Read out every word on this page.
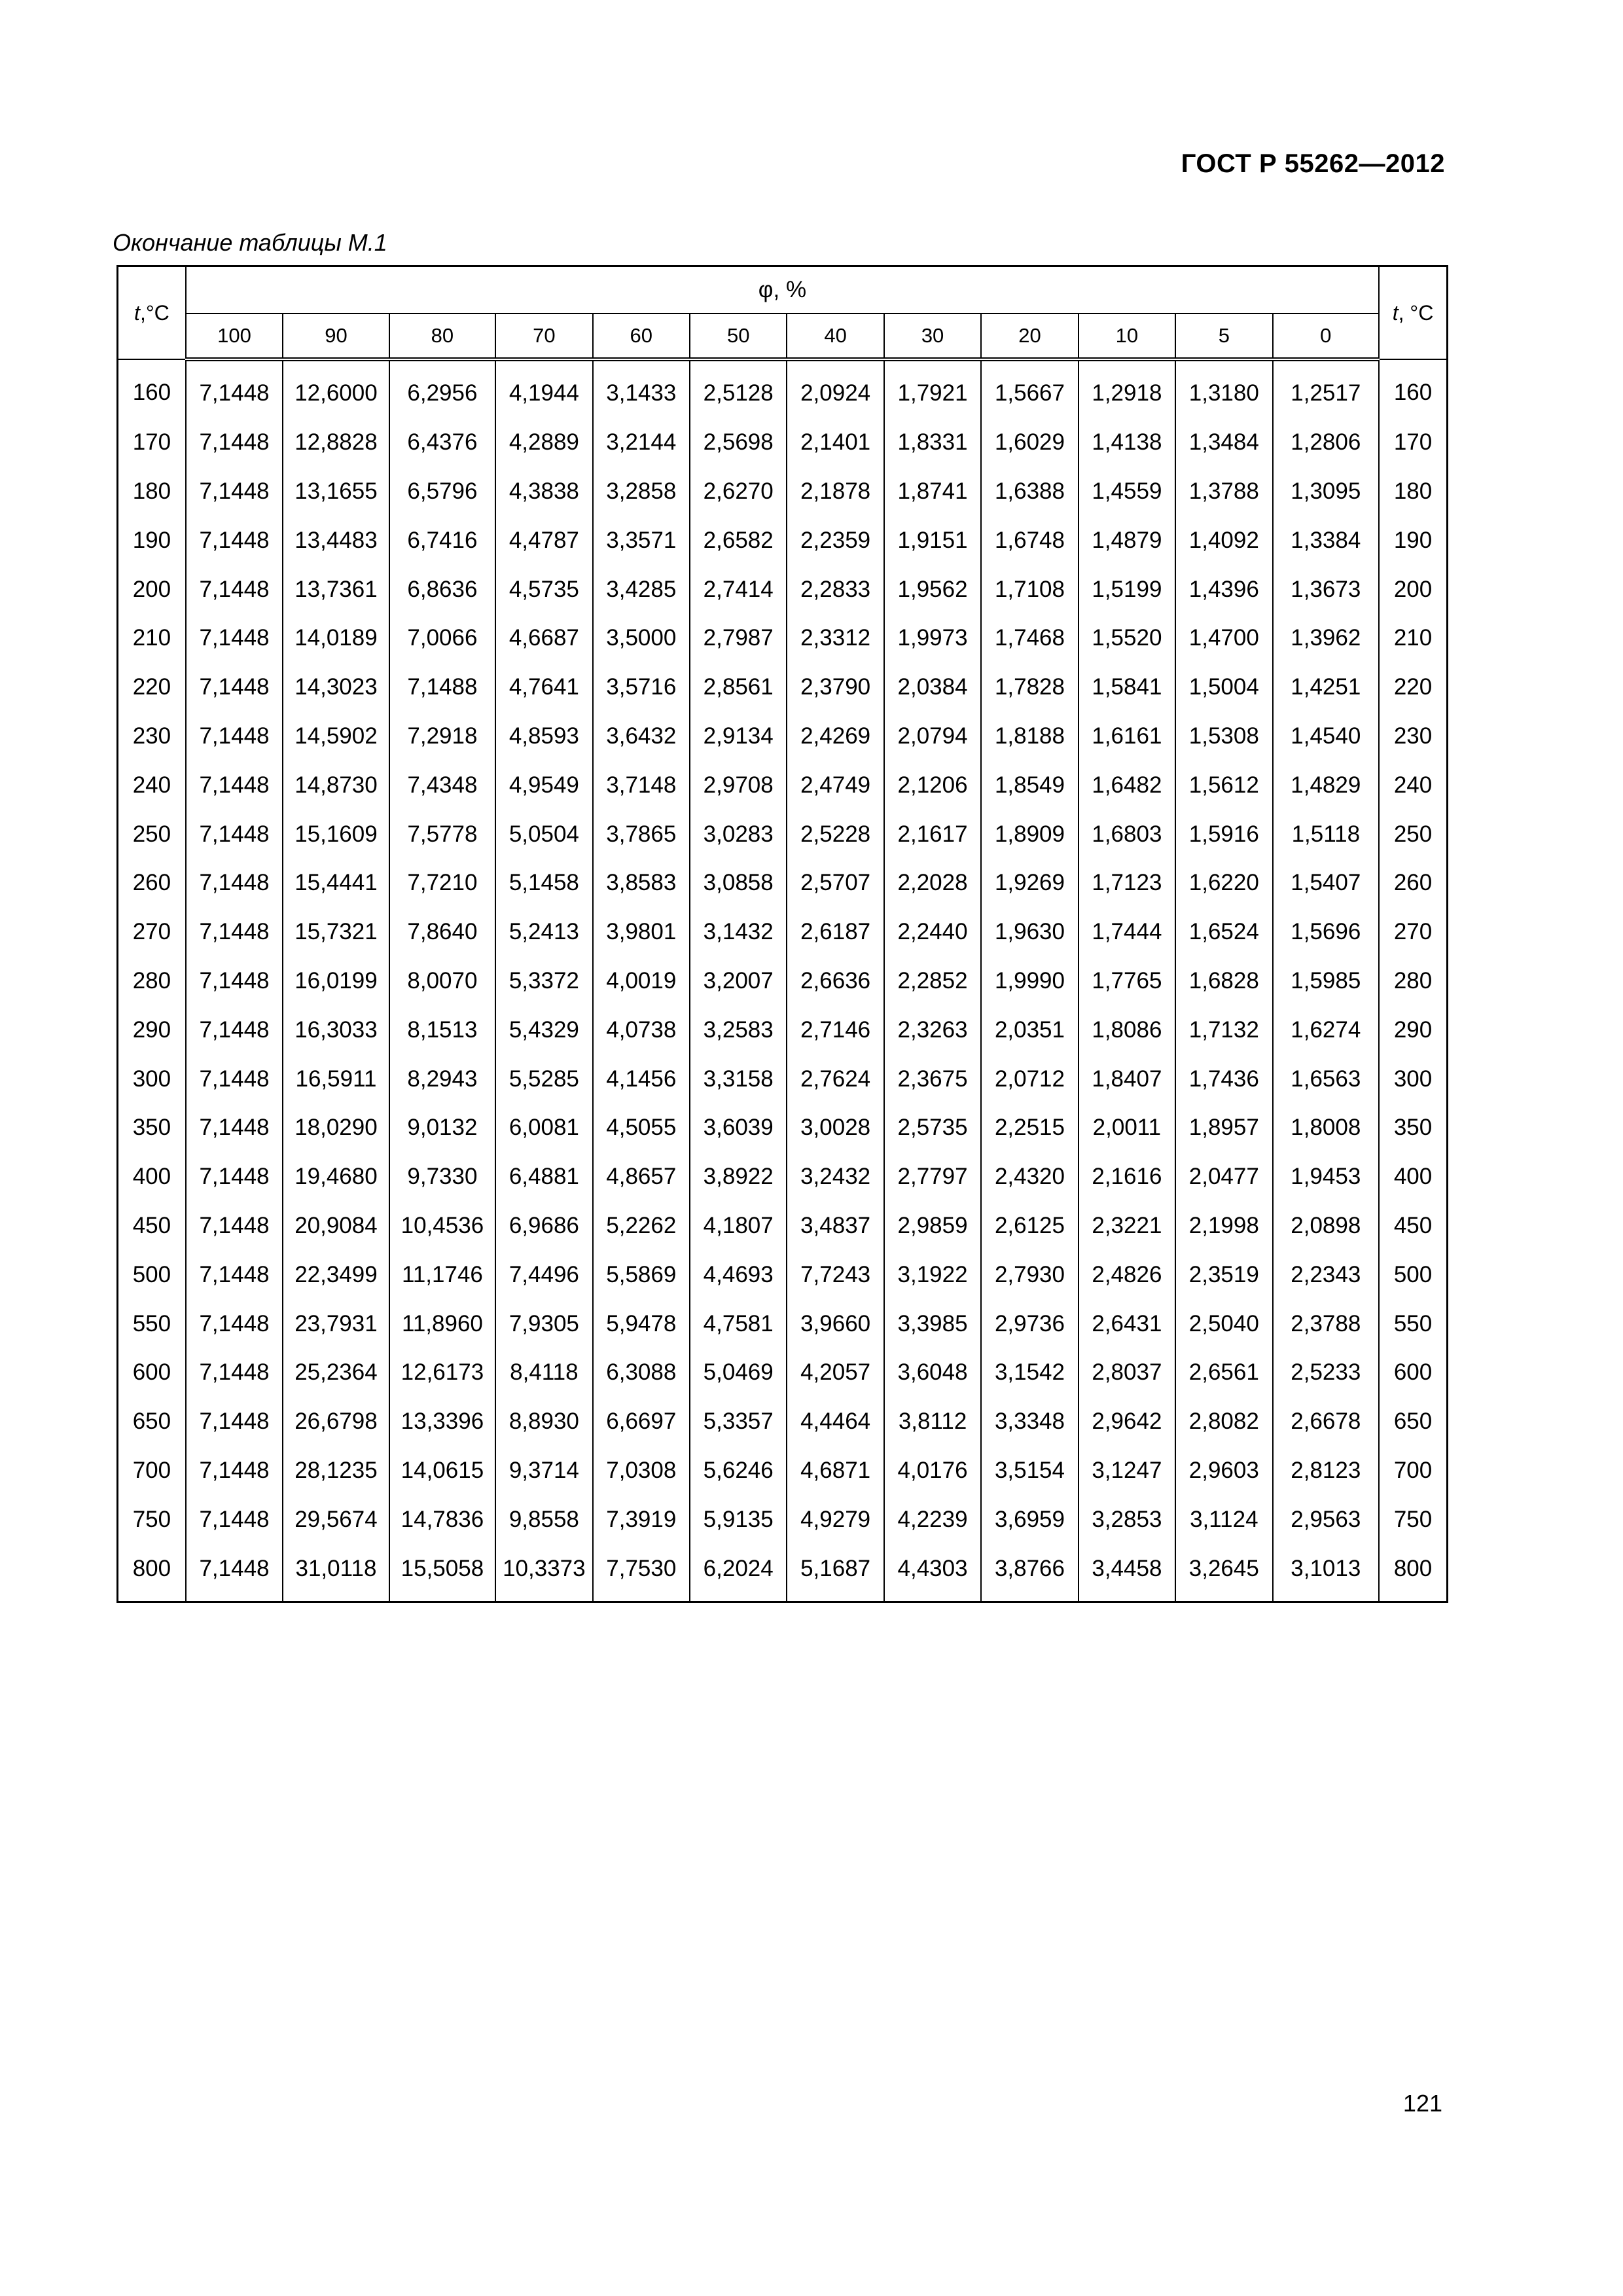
ГОСТ Р 55262—2012
Окончание таблицы М.1
t,°C	φ, %												t, °C
	100	90	80	70	60	50	40	30	20	10	5	0	
160	7,1448	12,6000	6,2956	4,1944	3,1433	2,5128	2,0924	1,7921	1,5667	1,2918	1,3180	1,2517	160
170	7,1448	12,8828	6,4376	4,2889	3,2144	2,5698	2,1401	1,8331	1,6029	1,4138	1,3484	1,2806	170
180	7,1448	13,1655	6,5796	4,3838	3,2858	2,6270	2,1878	1,8741	1,6388	1,4559	1,3788	1,3095	180
190	7,1448	13,4483	6,7416	4,4787	3,3571	2,6582	2,2359	1,9151	1,6748	1,4879	1,4092	1,3384	190
200	7,1448	13,7361	6,8636	4,5735	3,4285	2,7414	2,2833	1,9562	1,7108	1,5199	1,4396	1,3673	200
210	7,1448	14,0189	7,0066	4,6687	3,5000	2,7987	2,3312	1,9973	1,7468	1,5520	1,4700	1,3962	210
220	7,1448	14,3023	7,1488	4,7641	3,5716	2,8561	2,3790	2,0384	1,7828	1,5841	1,5004	1,4251	220
230	7,1448	14,5902	7,2918	4,8593	3,6432	2,9134	2,4269	2,0794	1,8188	1,6161	1,5308	1,4540	230
240	7,1448	14,8730	7,4348	4,9549	3,7148	2,9708	2,4749	2,1206	1,8549	1,6482	1,5612	1,4829	240
250	7,1448	15,1609	7,5778	5,0504	3,7865	3,0283	2,5228	2,1617	1,8909	1,6803	1,5916	1,5118	250
260	7,1448	15,4441	7,7210	5,1458	3,8583	3,0858	2,5707	2,2028	1,9269	1,7123	1,6220	1,5407	260
270	7,1448	15,7321	7,8640	5,2413	3,9801	3,1432	2,6187	2,2440	1,9630	1,7444	1,6524	1,5696	270
280	7,1448	16,0199	8,0070	5,3372	4,0019	3,2007	2,6636	2,2852	1,9990	1,7765	1,6828	1,5985	280
290	7,1448	16,3033	8,1513	5,4329	4,0738	3,2583	2,7146	2,3263	2,0351	1,8086	1,7132	1,6274	290
300	7,1448	16,5911	8,2943	5,5285	4,1456	3,3158	2,7624	2,3675	2,0712	1,8407	1,7436	1,6563	300
350	7,1448	18,0290	9,0132	6,0081	4,5055	3,6039	3,0028	2,5735	2,2515	2,0011	1,8957	1,8008	350
400	7,1448	19,4680	9,7330	6,4881	4,8657	3,8922	3,2432	2,7797	2,4320	2,1616	2,0477	1,9453	400
450	7,1448	20,9084	10,4536	6,9686	5,2262	4,1807	3,4837	2,9859	2,6125	2,3221	2,1998	2,0898	450
500	7,1448	22,3499	11,1746	7,4496	5,5869	4,4693	7,7243	3,1922	2,7930	2,4826	2,3519	2,2343	500
550	7,1448	23,7931	11,8960	7,9305	5,9478	4,7581	3,9660	3,3985	2,9736	2,6431	2,5040	2,3788	550
600	7,1448	25,2364	12,6173	8,4118	6,3088	5,0469	4,2057	3,6048	3,1542	2,8037	2,6561	2,5233	600
650	7,1448	26,6798	13,3396	8,8930	6,6697	5,3357	4,4464	3,8112	3,3348	2,9642	2,8082	2,6678	650
700	7,1448	28,1235	14,0615	9,3714	7,0308	5,6246	4,6871	4,0176	3,5154	3,1247	2,9603	2,8123	700
750	7,1448	29,5674	14,7836	9,8558	7,3919	5,9135	4,9279	4,2239	3,6959	3,2853	3,1124	2,9563	750
800	7,1448	31,0118	15,5058	10,3373	7,7530	6,2024	5,1687	4,4303	3,8766	3,4458	3,2645	3,1013	800
121
